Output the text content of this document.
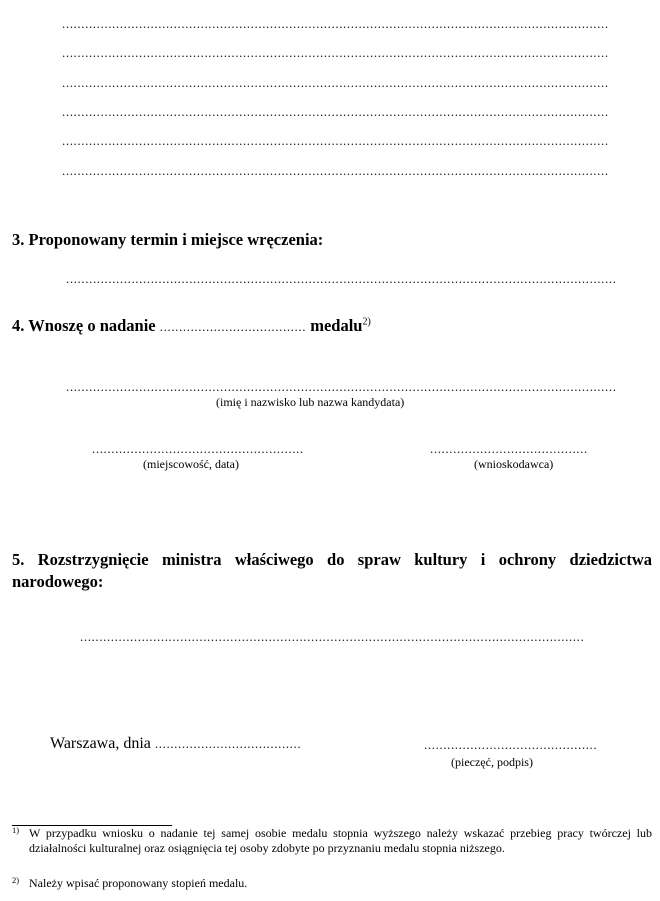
..............................................................................................................................................
..............................................................................................................................................
..............................................................................................................................................
..............................................................................................................................................
..............................................................................................................................................
..............................................................................................................................................
3. Proponowany termin i miejsce wręczenia:
...............................................................................................................................................
4. Wnoszę o nadanie ...................................... medalu$^{2)}$
...............................................................................................................................................
(imię i nazwisko lub nazwa kandydata)
.......................................................
(miejscowość, data)
.........................................
(wnioskodawca)
5. Rozstrzygnięcie ministra właściwego do spraw kultury i ochrony dziedzictwa narodowego:
...................................................................................................................................
Warszawa, dnia ......................................	.............................................
(pieczęć, podpis)
1) W przypadku wniosku o nadanie tej samej osobie medalu stopnia wyższego należy wskazać przebieg pracy twórczej lub działalności kulturalnej oraz osiągnięcia tej osoby zdobyte po przyznaniu medalu stopnia niższego.
2) Należy wpisać proponowany stopień medalu.
